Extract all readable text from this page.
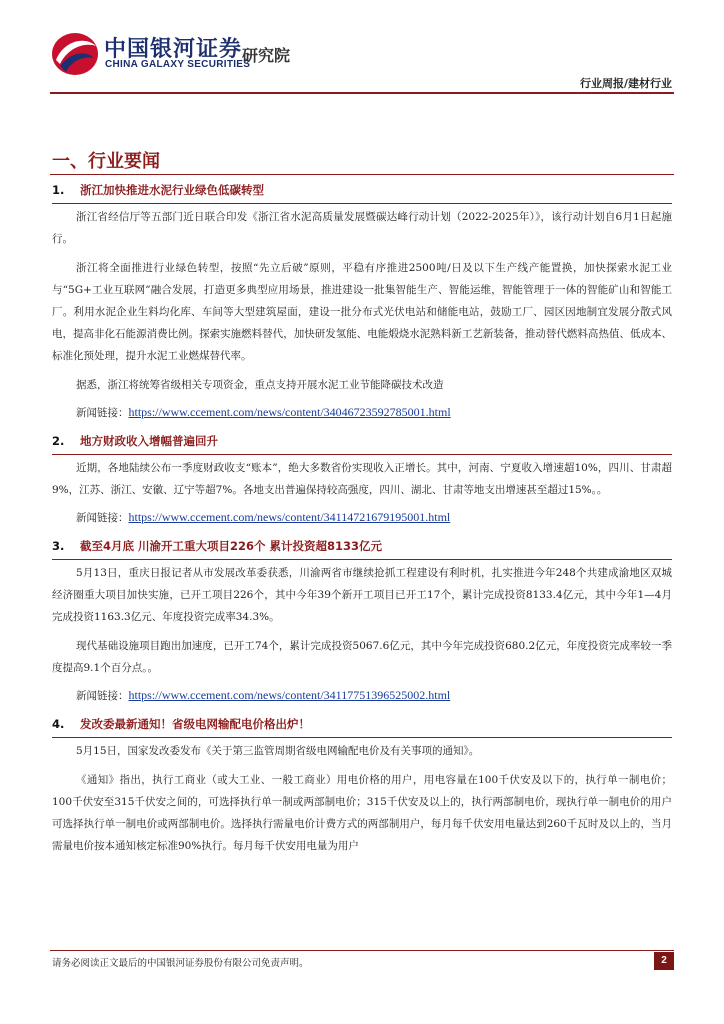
中国银河证券
CHINA GALAXY SECURITIES
研究院
行业周报/建材行业
一、行业要闻
1. 浙江加快推进水泥行业绿色低碳转型

浙江省经信厅等五部门近日联合印发《浙江省水泥高质量发展暨碳达峰行动计划（2022-2025年）》，该行动计划自6月1日起施行。

浙江将全面推进行业绿色转型，按照“先立后破”原则，平稳有序推进2500吨/日及以下生产线产能置换，加快探索水泥工业与“5G+工业互联网”融合发展，打造更多典型应用场景，推进建设一批集智能生产、智能运维，智能管理于一体的智能矿山和智能工厂。利用水泥企业生料均化库、车间等大型建筑屋面，建设一批分布式光伏电站和储能电站，鼓励工厂、园区因地制宜发展分散式风电，提高非化石能源消费比例。探索实施燃料替代，加快研发氢能、电能煅烧水泥熟料新工艺新装备，推动替代燃料高热值、低成本、标准化预处理，提升水泥工业燃煤替代率。

据悉，浙江将统筹省级相关专项资金，重点支持开展水泥工业节能降碳技术改造

新闻链接：https://www.ccement.com/news/content/34046723592785001.html

2. 地方财政收入增幅普遍回升

近期，各地陆续公布一季度财政收支“账本”，绝大多数省份实现收入正增长。其中，河南、宁夏收入增速超10%，四川、甘肃超9%，江苏、浙江、安徽、辽宁等超7%。各地支出普遍保持较高强度，四川、湖北、甘肃等地支出增速甚至超过15%。。

新闻链接：https://www.ccement.com/news/content/34114721679195001.html

3. 截至4月底 川渝开工重大项目226个 累计投资超8133亿元

5月13日，重庆日报记者从市发展改革委获悉，川渝两省市继续抢抓工程建设有利时机，扎实推进今年248个共建成渝地区双城经济圈重大项目加快实施，已开工项目226个，其中今年39个新开工项目已开工17个，累计完成投资8133.4亿元，其中今年1—4月完成投资1163.3亿元、年度投资完成率34.3%。

现代基础设施项目跑出加速度，已开工74个，累计完成投资5067.6亿元，其中今年完成投资680.2亿元，年度投资完成率较一季度提高9.1个百分点。。

新闻链接：https://www.ccement.com/news/content/34117751396525002.html

4. 发改委最新通知！省级电网输配电价格出炉！

5月15日，国家发改委发布《关于第三监管周期省级电网输配电价及有关事项的通知》。

《通知》指出，执行工商业（或大工业、一般工商业）用电价格的用户，用电容量在100千伏安及以下的，执行单一制电价；100千伏安至315千伏安之间的，可选择执行单一制或两部制电价；315千伏安及以上的，执行两部制电价，现执行单一制电价的用户可选择执行单一制电价或两部制电价。选择执行需量电价计费方式的两部制用户，每月每千伏安用电量达到260千瓦时及以上的，当月需量电价按本通知核定标准90%执行。每月每千伏安用电量为用户

请务必阅读正文最后的中国银河证券股份有限公司免责声明。	2
